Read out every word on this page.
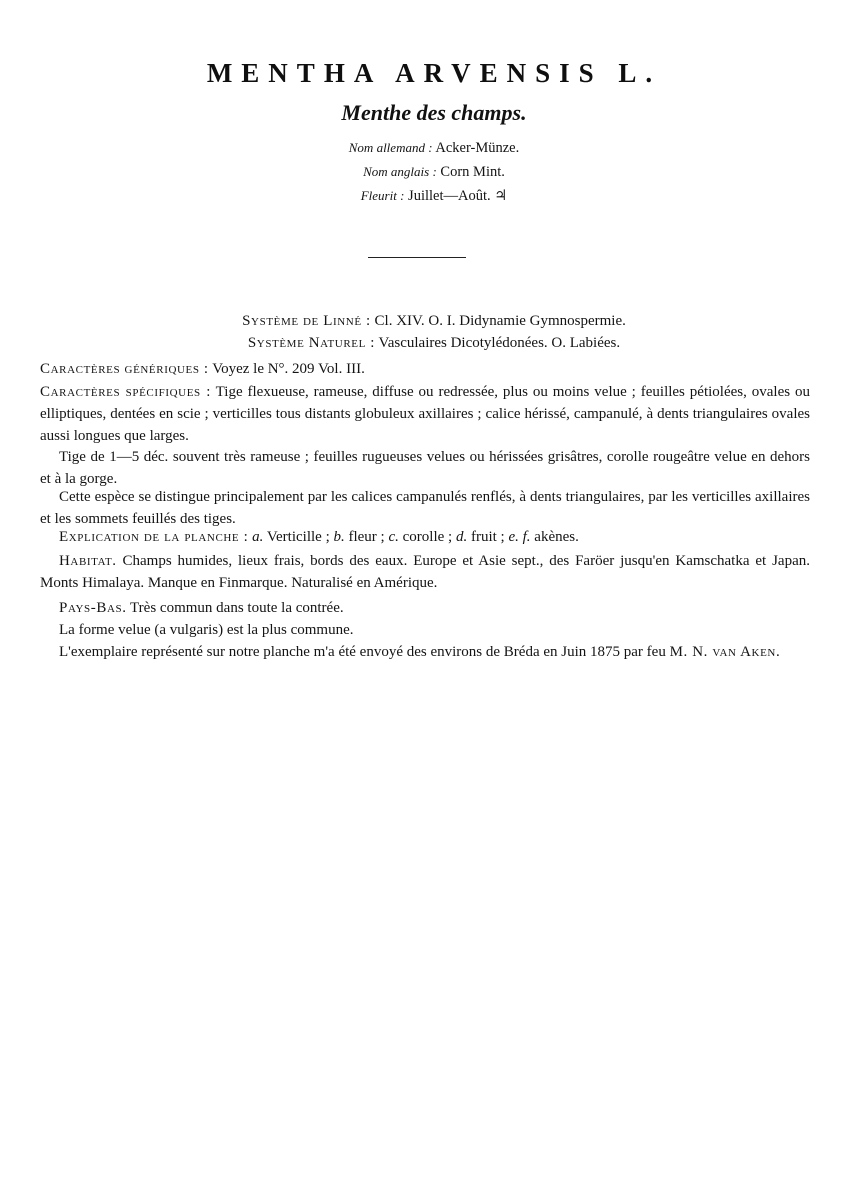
MENTHA ARVENSIS L.
Menthe des champs.
Nom allemand : Acker-Münze.
Nom anglais : Corn Mint.
Fleurit : Juillet—Août. ♃
Système de Linné : Cl. XIV. O. I. Didynamie Gymnospermie.
Système Naturel : Vasculaires Dicotylédonées. O. Labiées.
Caractères génériques : Voyez le N°. 209 Vol. III.
Caractères spécifiques : Tige flexueuse, rameuse, diffuse ou redressée, plus ou moins velue ; feuilles pétiolées, ovales ou elliptiques, dentées en scie ; verticilles tous distants globuleux axillaires ; calice hérissé, campanulé, à dents triangulaires ovales aussi longues que larges.
Tige de 1—5 déc. souvent très rameuse ; feuilles rugueuses velues ou hérissées grisâtres, corolle rougeâtre velue en dehors et à la gorge.
Cette espèce se distingue principalement par les calices campanulés renflés, à dents triangulaires, par les verticilles axillaires et les sommets feuillés des tiges.
Explication de la planche : a. Verticille ; b. fleur ; c. corolle ; d. fruit ; e. f. akènes.
Habitat. Champs humides, lieux frais, bords des eaux. Europe et Asie sept., des Faröer jusqu'en Kamschatka et Japan. Monts Himalaya. Manque en Finmarque. Naturalisé en Amérique.
Pays-Bas. Très commun dans toute la contrée.
La forme velue (a vulgaris) est la plus commune.
L'exemplaire représenté sur notre planche m'a été envoyé des environs de Bréda en Juin 1875 par feu M. N. van Aken.
